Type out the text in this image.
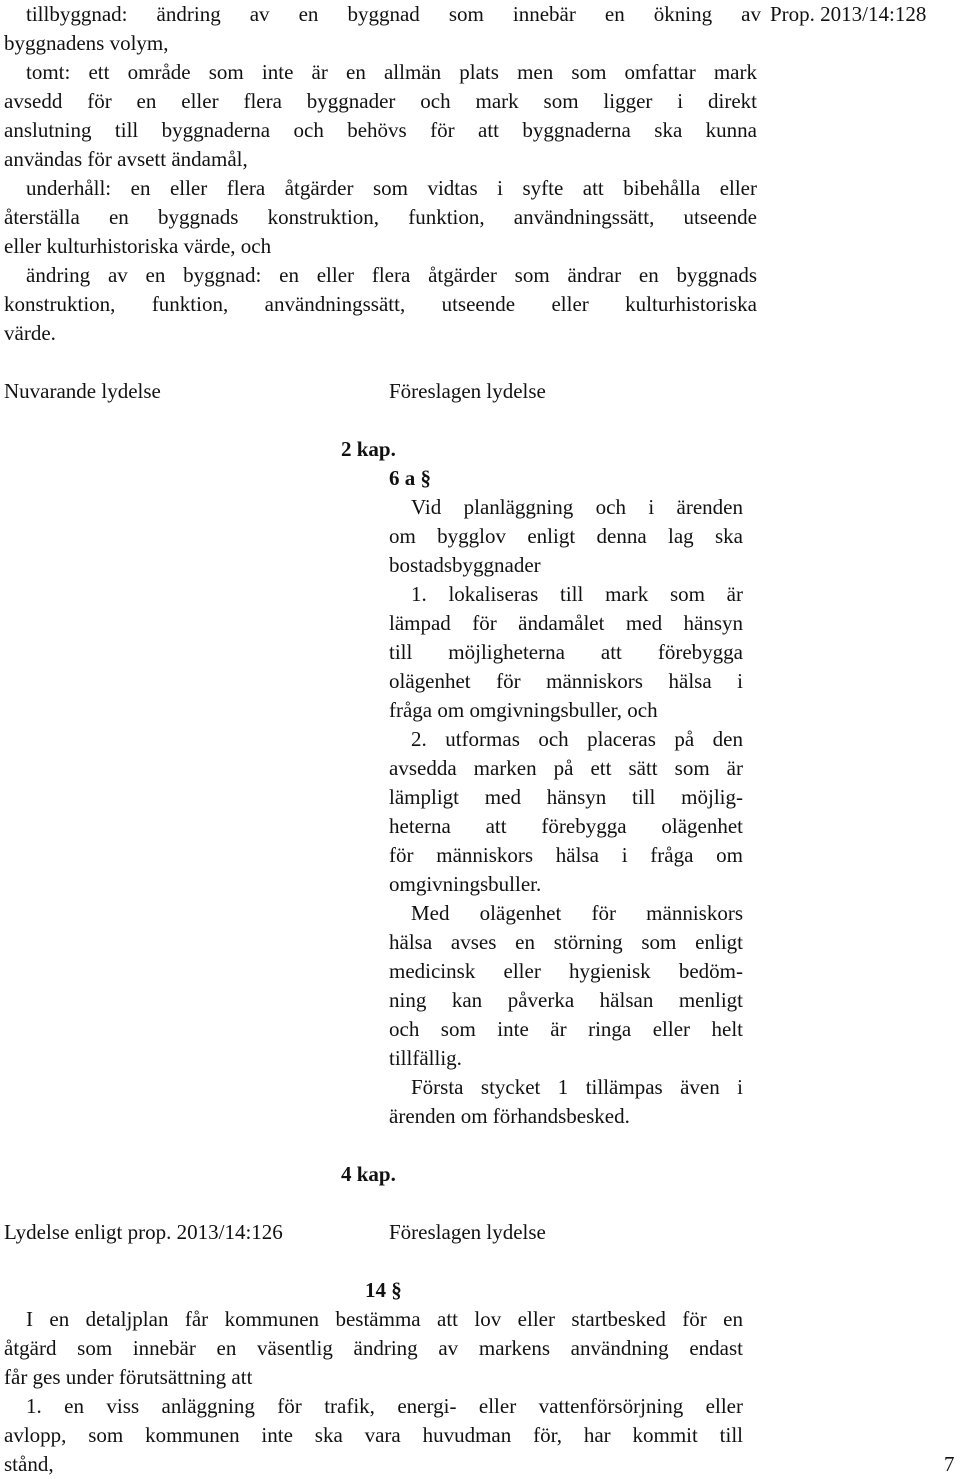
Prop. 2013/14:128
tillbyggnad: ändring av en byggnad som innebär en ökning av
byggnadens volym,
tomt: ett område som inte är en allmän plats men som omfattar mark
avsedd för en eller flera byggnader och mark som ligger i direkt
anslutning till byggnaderna och behövs för att byggnaderna ska kunna
användas för avsett ändamål,
underhåll: en eller flera åtgärder som vidtas i syfte att bibehålla eller
återställa en byggnads konstruktion, funktion, användningssätt, utseende
eller kulturhistoriska värde, och
ändring av en byggnad: en eller flera åtgärder som ändrar en byggnads
konstruktion, funktion, användningssätt, utseende eller kulturhistoriska
värde.
Nuvarande lydelse	Föreslagen lydelse
2 kap.
6 a §
Vid planläggning och i ärenden
om bygglov enligt denna lag ska
bostadsbyggnader
1. lokaliseras till mark som är
lämpad för ändamålet med hänsyn
till möjligheterna att förebygga
olägenhet för människors hälsa i
fråga om omgivningsbuller, och
2. utformas och placeras på den
avsedda marken på ett sätt som är
lämpligt med hänsyn till möjlig-
heterna att förebygga olägenhet
för människors hälsa i fråga om
omgivningsbuller.
Med olägenhet för människors
hälsa avses en störning som enligt
medicinsk eller hygienisk bedöm-
ning kan påverka hälsan menligt
och som inte är ringa eller helt
tillfällig.
Första stycket 1 tillämpas även i
ärenden om förhandsbesked.
4 kap.
Lydelse enligt prop. 2013/14:126	Föreslagen lydelse
14 §
I en detaljplan får kommunen bestämma att lov eller startbesked för en
åtgärd som innebär en väsentlig ändring av markens användning endast
får ges under förutsättning att
1. en viss anläggning för trafik, energi- eller vattenförsörjning eller
avlopp, som kommunen inte ska vara huvudman för, har kommit till
stånd,	7
